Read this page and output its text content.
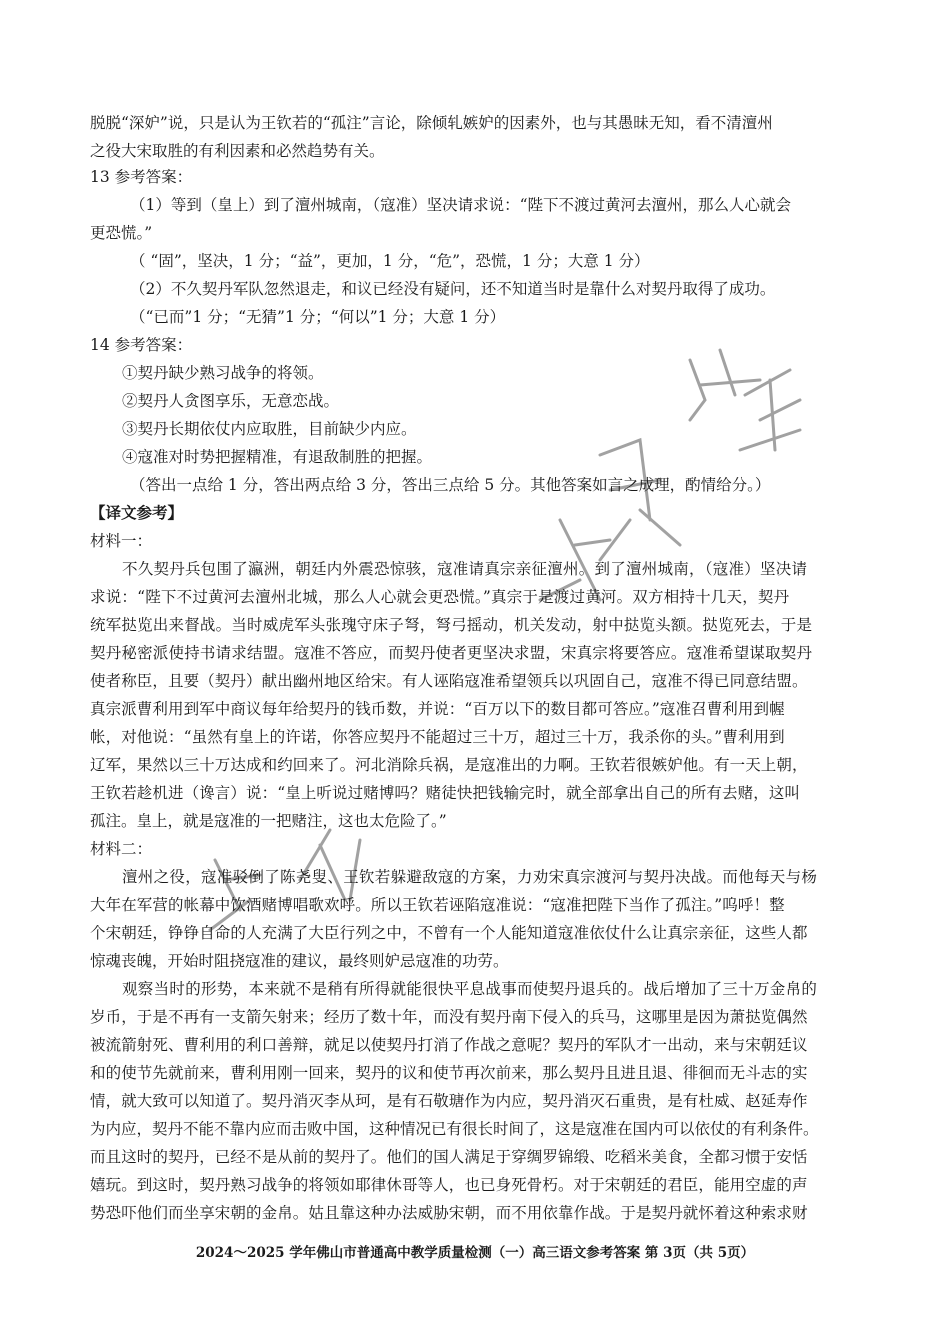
脱脱“深妒”说，只是认为王钦若的“孤注”言论，除倾轧嫉妒的因素外，也与其愚昧无知，看不清澶州
之役大宋取胜的有利因素和必然趋势有关。
13 参考答案：
（1）等到（皇上）到了澶州城南，（寇准）坚决请求说：“陛下不渡过黄河去澶州，那么人心就会
更恐慌。”
（ “固”，坚决，1 分；“益”，更加，1 分，“危”，恐慌，1 分；大意 1 分）
（2）不久契丹军队忽然退走，和议已经没有疑问，还不知道当时是靠什么对契丹取得了成功。
（“已而”1 分；“无猜”1 分；“何以”1 分；大意 1 分）
14 参考答案：
①契丹缺少熟习战争的将领。
②契丹人贪图享乐，无意恋战。
③契丹长期依仗内应取胜，目前缺少内应。
④寇准对时势把握精准，有退敌制胜的把握。
（答出一点给 1 分，答出两点给 3 分，答出三点给 5 分。其他答案如言之成理，酌情给分。）
【译文参考】
材料一：
不久契丹兵包围了瀛洲，朝廷内外震恐惊骇，寇准请真宗亲征澶州。到了澶州城南，（寇准）坚决请
求说：“陛下不过黄河去澶州北城，那么人心就会更恐慌。”真宗于是渡过黄河。双方相持十几天，契丹
统军挞览出来督战。当时威虎军头张瑰守床子弩，弩弓摇动，机关发动，射中挞览头额。挞览死去，于是
契丹秘密派使持书请求结盟。寇准不答应，而契丹使者更坚决求盟，宋真宗将要答应。寇准希望谋取契丹
使者称臣，且要（契丹）献出幽州地区给宋。有人诬陷寇准希望领兵以巩固自己，寇准不得已同意结盟。
真宗派曹利用到军中商议每年给契丹的钱币数，并说：“百万以下的数目都可答应。”寇准召曹利用到幄
帐，对他说：“虽然有皇上的许诺，你答应契丹不能超过三十万，超过三十万，我杀你的头。”曹利用到
辽军，果然以三十万达成和约回来了。河北消除兵祸，是寇准出的力啊。王钦若很嫉妒他。有一天上朝，
王钦若趁机进（谗言）说：“皇上听说过赌博吗？赌徒快把钱输完时，就全部拿出自己的所有去赌，这叫
孤注。皇上，就是寇准的一把赌注，这也太危险了。”
材料二：
澶州之役，寇准驳倒了陈尧叟、王钦若躲避敌寇的方案，力劝宋真宗渡河与契丹决战。而他每天与杨
大年在军营的帐幕中饮酒赌博唱歌欢呼。所以王钦若诬陷寇准说：“寇准把陛下当作了孤注。”呜呼！整
个宋朝廷，铮铮自命的人充满了大臣行列之中，不曾有一个人能知道寇准依仗什么让真宗亲征，这些人都
惊魂丧魄，开始时阻挠寇准的建议，最终则妒忌寇准的功劳。
观察当时的形势，本来就不是稍有所得就能很快平息战事而使契丹退兵的。战后增加了三十万金帛的
岁币，于是不再有一支箭矢射来；经历了数十年，而没有契丹南下侵入的兵马，这哪里是因为萧挞览偶然
被流箭射死、曹利用的利口善辩，就足以使契丹打消了作战之意呢？契丹的军队才一出动，来与宋朝廷议
和的使节先就前来，曹利用刚一回来，契丹的议和使节再次前来，那么契丹且进且退、徘徊而无斗志的实
情，就大致可以知道了。契丹消灭李从珂，是有石敬瑭作为内应，契丹消灭石重贵，是有杜威、赵延寿作
为内应，契丹不能不靠内应而击败中国，这种情况已有很长时间了，这是寇准在国内可以依仗的有利条件。
而且这时的契丹，已经不是从前的契丹了。他们的国人满足于穿绸罗锦缎、吃稻米美食，全都习惯于安恬
嬉玩。到这时，契丹熟习战争的将领如耶律休哥等人，也已身死骨朽。对于宋朝廷的君臣，能用空虚的声
势恐吓他们而坐享宋朝的金帛。姑且靠这种办法威胁宋朝，而不用依靠作战。于是契丹就怀着这种索求财
2024～2025 学年佛山市普通高中教学质量检测（一）高三语文参考答案 第 3页（共 5页）
